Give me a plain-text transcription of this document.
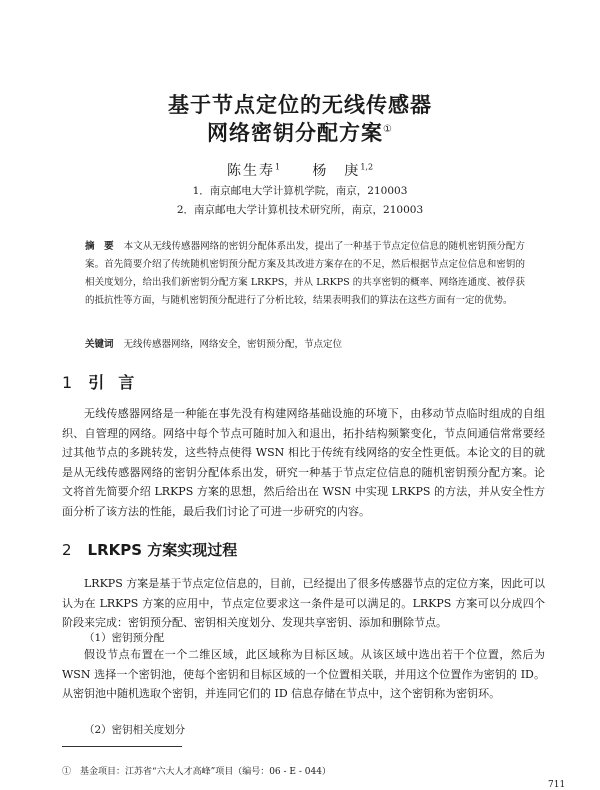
基于节点定位的无线传感器
网络密钥分配方案①
陈生寿$^1$ 杨　庚$^{1,2}$
1．南京邮电大学计算机学院，南京，210003
2．南京邮电大学计算机技术研究所，南京，210003
摘　要 本文从无线传感器网络的密钥分配体系出发，提出了一种基于节点定位信息的随机密钥预分配方案。首先简要介绍了传统随机密钥预分配方案及其改进方案存在的不足，然后根据节点定位信息和密钥的相关度划分，给出我们新密钥分配方案 LRKPS，并从 LRKPS 的共享密钥的概率、网络连通度、被俘获的抵抗性等方面，与随机密钥预分配进行了分析比较，结果表明我们的算法在这些方面有一定的优势。
关键词 无线传感器网络，网络安全，密钥预分配，节点定位
1 引言
无线传感器网络是一种能在事先没有构建网络基础设施的环境下，由移动节点临时组成的自组织、自管理的网络。网络中每个节点可随时加入和退出，拓扑结构频繁变化，节点间通信常常要经过其他节点的多跳转发，这些特点使得 WSN 相比于传统有线网络的安全性更低。本论文的目的就是从无线传感器网络的密钥分配体系出发，研究一种基于节点定位信息的随机密钥预分配方案。论文将首先简要介绍 LRKPS 方案的思想，然后给出在 WSN 中实现 LRKPS 的方法，并从安全性方面分析了该方法的性能，最后我们讨论了可进一步研究的内容。
2 LRKPS 方案实现过程
LRKPS 方案是基于节点定位信息的，目前，已经提出了很多传感器节点的定位方案，因此可以认为在 LRKPS 方案的应用中，节点定位要求这一条件是可以满足的。LRKPS 方案可以分成四个阶段来完成：密钥预分配、密钥相关度划分、发现共享密钥、添加和删除节点。
（1）密钥预分配
假设节点布置在一个二维区域，此区域称为目标区域。从该区域中选出若干个位置，然后为 WSN 选择一个密钥池，使每个密钥和目标区域的一个位置相关联，并用这个位置作为密钥的 ID。从密钥池中随机选取个密钥，并连同它们的 ID 信息存储在节点中，这个密钥称为密钥环。
（2）密钥相关度划分
①　基金项目：江苏省“六大人才高峰”项目（编号：06 - E - 044）
711
